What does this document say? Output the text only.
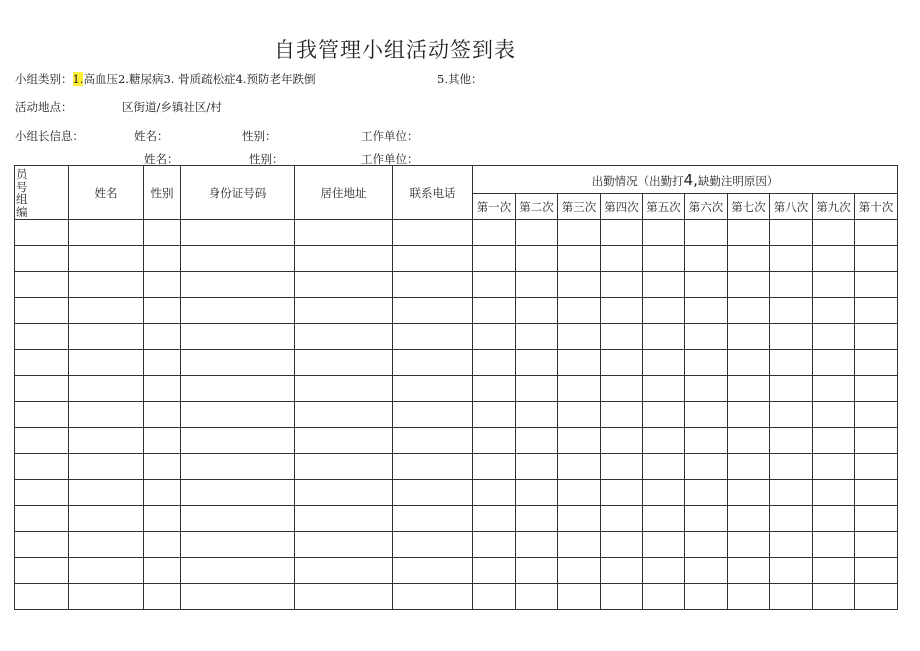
自我管理小组活动签到表
小组类别：1.高血压2.糖尿病3. 骨质疏松症4.预防老年跌倒	5.其他：
活动地点：	区街道/乡镇社区/村
小组长信息：	姓名：	性别：	工作单位：
姓名：	性别：	工作单位：
员号组编	姓名	性别	身份证号码	居住地址	联系电话	出勤情况（出勤打4,缺勤注明原因）									
						第一次	第二次	第三次	第四次	第五次	第六次	第七次	第八次	第九次	第十次
